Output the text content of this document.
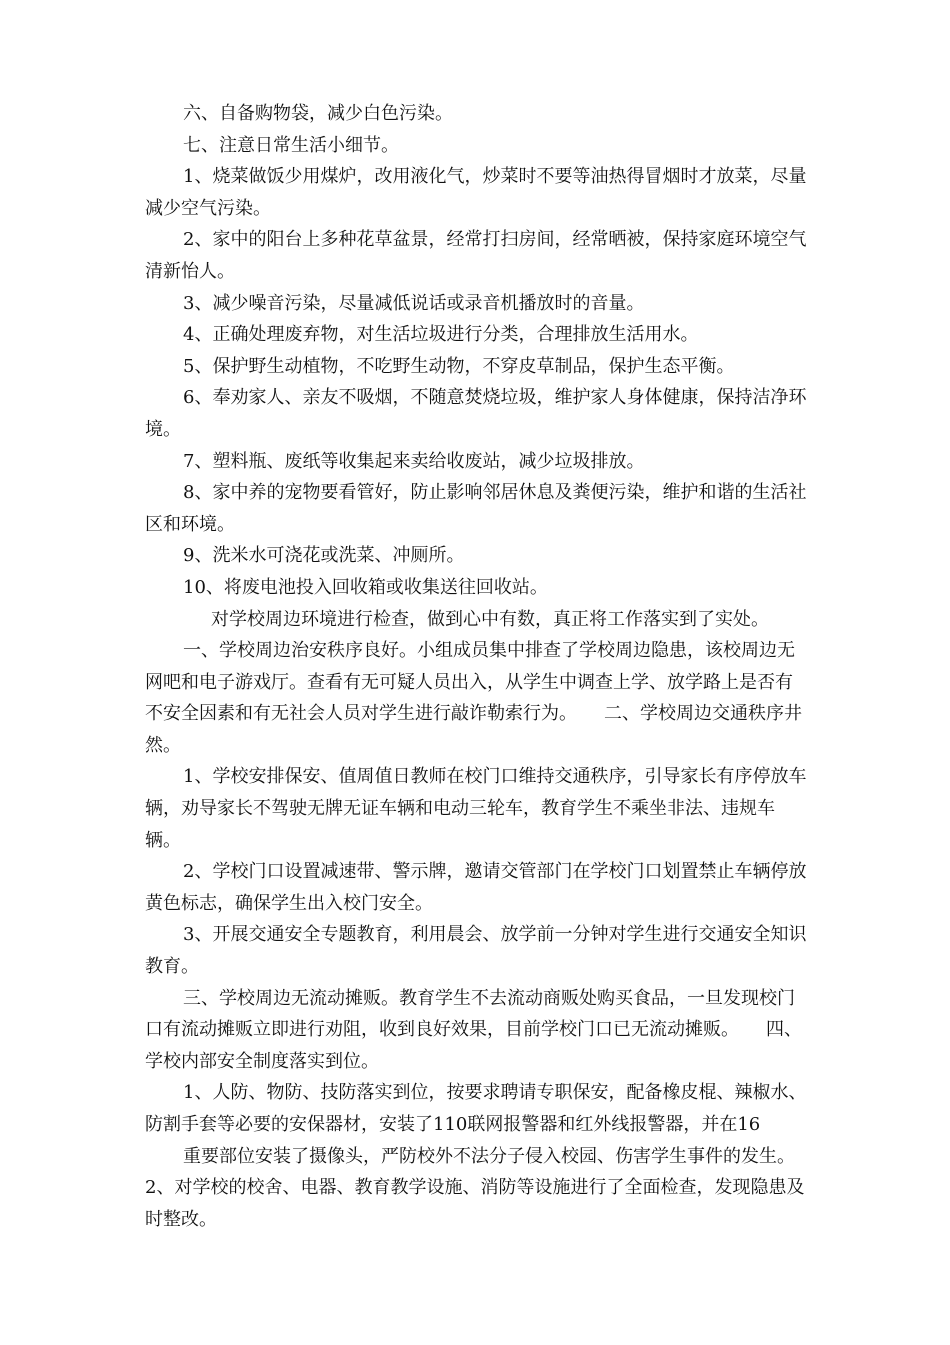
六、自备购物袋，减少白色污染。

七、注意日常生活小细节。

1、烧菜做饭少用煤炉，改用液化气，炒菜时不要等油热得冒烟时才放菜，尽量减少空气污染。

2、家中的阳台上多种花草盆景，经常打扫房间，经常晒被，保持家庭环境空气清新怡人。

3、减少噪音污染，尽量减低说话或录音机播放时的音量。

4、正确处理废弃物，对生活垃圾进行分类，合理排放生活用水。

5、保护野生动植物，不吃野生动物，不穿皮草制品，保护生态平衡。

6、奉劝家人、亲友不吸烟，不随意焚烧垃圾，维护家人身体健康，保持洁净环境。

7、塑料瓶、废纸等收集起来卖给收废站，减少垃圾排放。

8、家中养的宠物要看管好，防止影响邻居休息及粪便污染，维护和谐的生活社区和环境。

9、洗米水可浇花或洗菜、冲厕所。

10、将废电池投入回收箱或收集送往回收站。

对学校周边环境进行检查，做到心中有数，真正将工作落实到了实处。

一、学校周边治安秩序良好。小组成员集中排查了学校周边隐患，该校周边无网吧和电子游戏厅。查看有无可疑人员出入，从学生中调查上学、放学路上是否有不安全因素和有无社会人员对学生进行敲诈勒索行为。　　二、学校周边交通秩序井然。

1、学校安排保安、值周值日教师在校门口维持交通秩序，引导家长有序停放车辆，劝导家长不驾驶无牌无证车辆和电动三轮车，教育学生不乘坐非法、违规车辆。

2、学校门口设置减速带、警示牌，邀请交管部门在学校门口划置禁止车辆停放黄色标志，确保学生出入校门安全。

3、开展交通安全专题教育，利用晨会、放学前一分钟对学生进行交通安全知识教育。

三、学校周边无流动摊贩。教育学生不去流动商贩处购买食品，一旦发现校门口有流动摊贩立即进行劝阻，收到良好效果，目前学校门口已无流动摊贩。　　四、学校内部安全制度落实到位。

1、人防、物防、技防落实到位，按要求聘请专职保安，配备橡皮棍、辣椒水、防割手套等必要的安保器材，安装了110联网报警器和红外线报警器，并在16

重要部位安装了摄像头，严防校外不法分子侵入校园、伤害学生事件的发生。　　2、对学校的校舍、电器、教育教学设施、消防等设施进行了全面检查，发现隐患及时整改。
